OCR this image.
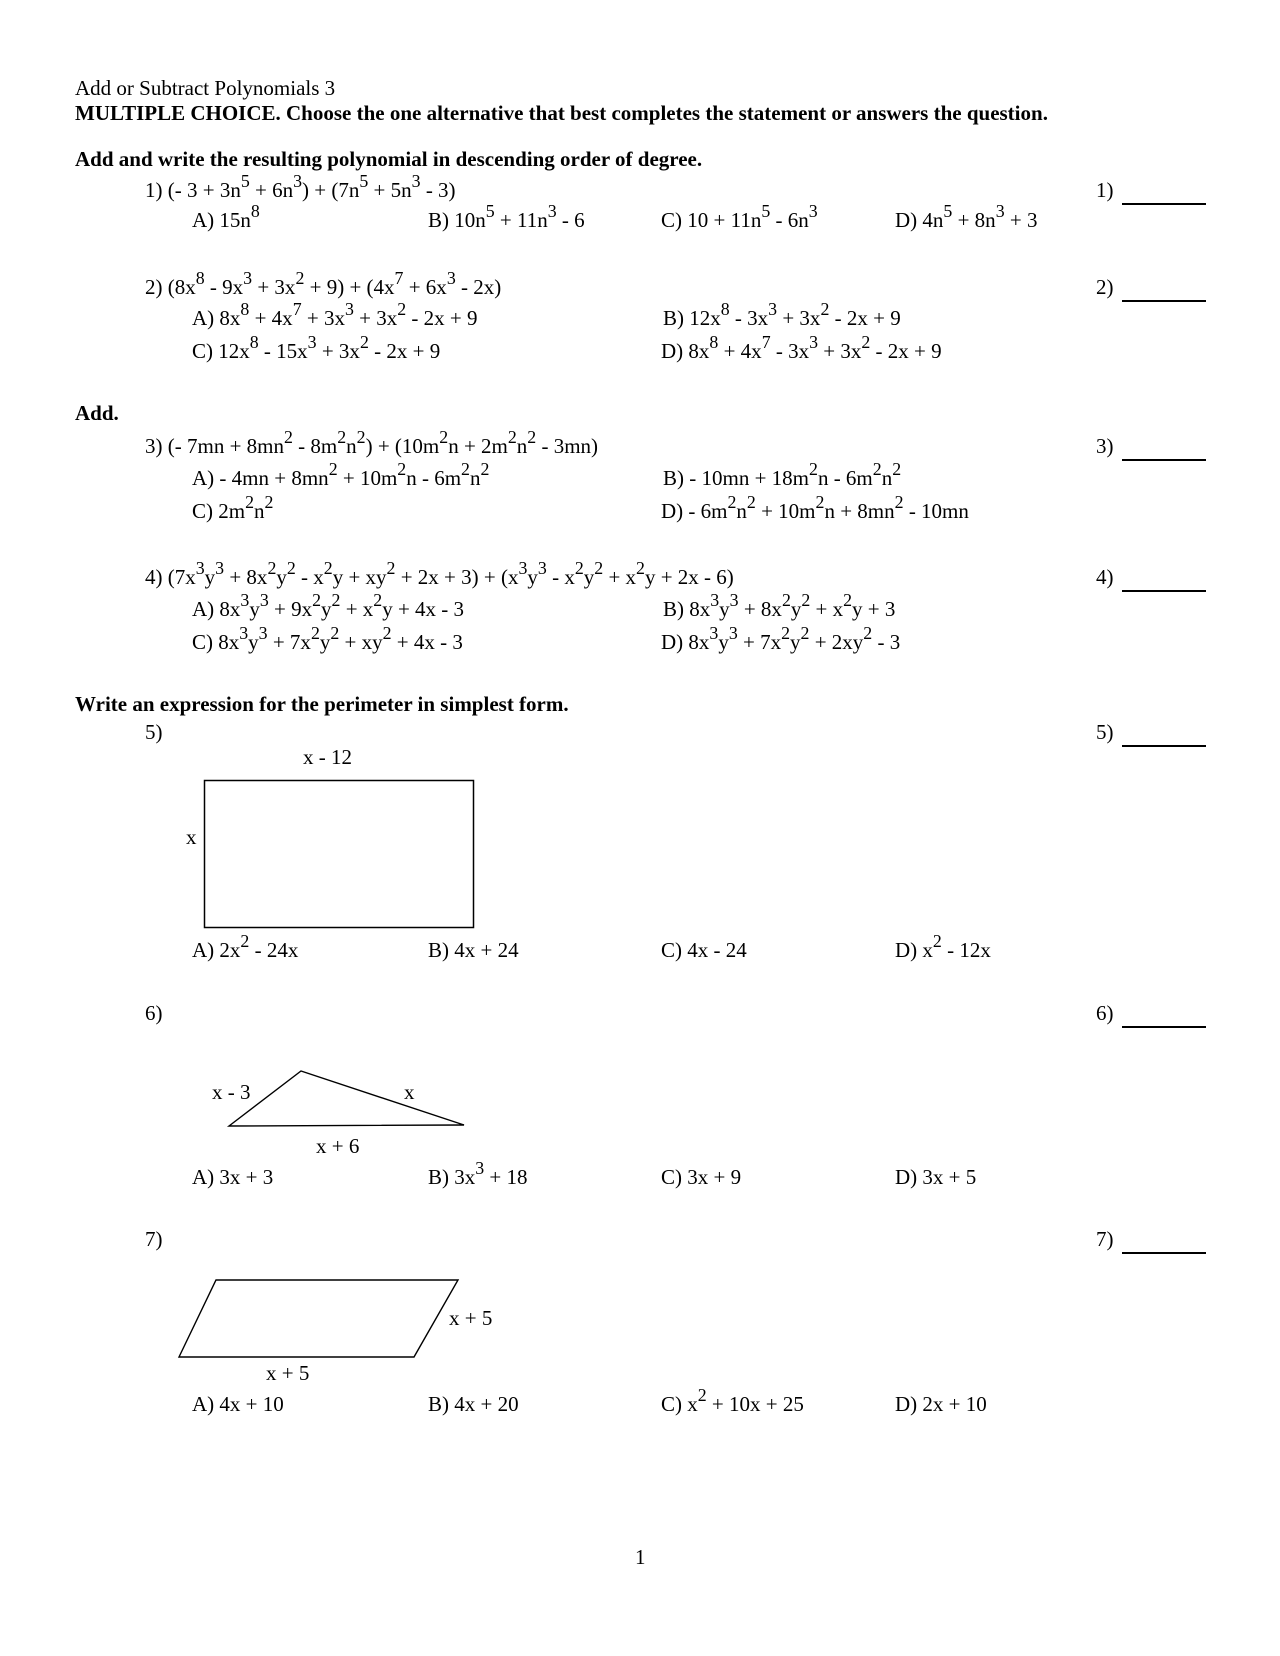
Add or Subtract Polynomials 3
MULTIPLE CHOICE. Choose the one alternative that best completes the statement or answers the question.
Add and write the resulting polynomial in descending order of degree.
1) (- $3 + 3n^5 + 6n^3) + (7n^5 + 5n^3 - 3)$	1)
A) $15n^8$	B) $10n^5 + 11n^3 - 6$	C) $10 + 11n^5 - 6n^3$	D) $4n^5 + 8n^3 + 3$
2) $(8x^8 - 9x^3 + 3x^2 + 9) + (4x^7 + 6x^3 - 2x)$	2)
A) $8x^8 + 4x^7 + 3x^3 + 3x^2 - 2x + 9$	B) $12x^8 - 3x^3 + 3x^2 - 2x + 9$
C) $12x^8 - 15x^3 + 3x^2 - 2x + 9$	D) $8x^8 + 4x^7 - 3x^3 + 3x^2 - 2x + 9$
Add.
3) (- $7mn + 8mn^2 - 8m^2n^2) + (10m^2n + 2m^2n^2 - 3mn)$	3)
$A) - 4mn + 8mn^2 + 10m^2n - 6m^2n^2$	$B) - 10mn + 18m^2n - 6m^2n^2$
C) $2m^2n^2$	$D) - 6m^2n^2 + 10m^2n + 8mn^2 - 10mn$
4) $(7x^3y^3 + 8x^2y^2 - x^2y + xy^2 + 2x + 3) + (x^3y^3 - x^2y^2 + x^2y + 2x - 6)$	4)
A) $8x^3y^3 + 9x^2y^2 + x^2y + 4x - 3$	B) $8x^3y^3 + 8x^2y^2 + x^2y + 3$
C) $8x^3y^3 + 7x^2y^2 + xy^2 + 4x - 3$	D) $8x^3y^3 + 7x^2y^2 + 2xy^2 - 3$
Write an expression for the perimeter in simplest form.
5)	5)
x - 12
x
A) $2x^2 - 24x$	B) 4x + 24	C) 4x - 24	D) $x^2 - 12x$
6)	6)
x - 3	x
x + 6
A) 3x + 3	B) $3x^3 + 18$	C) 3x + 9	D) 3x + 5
7)	7)
x + 5
x + 5
A) 4x + 10	B) 4x + 20	C) $x^2 + 10x + 25$	D) 2x + 10
1
